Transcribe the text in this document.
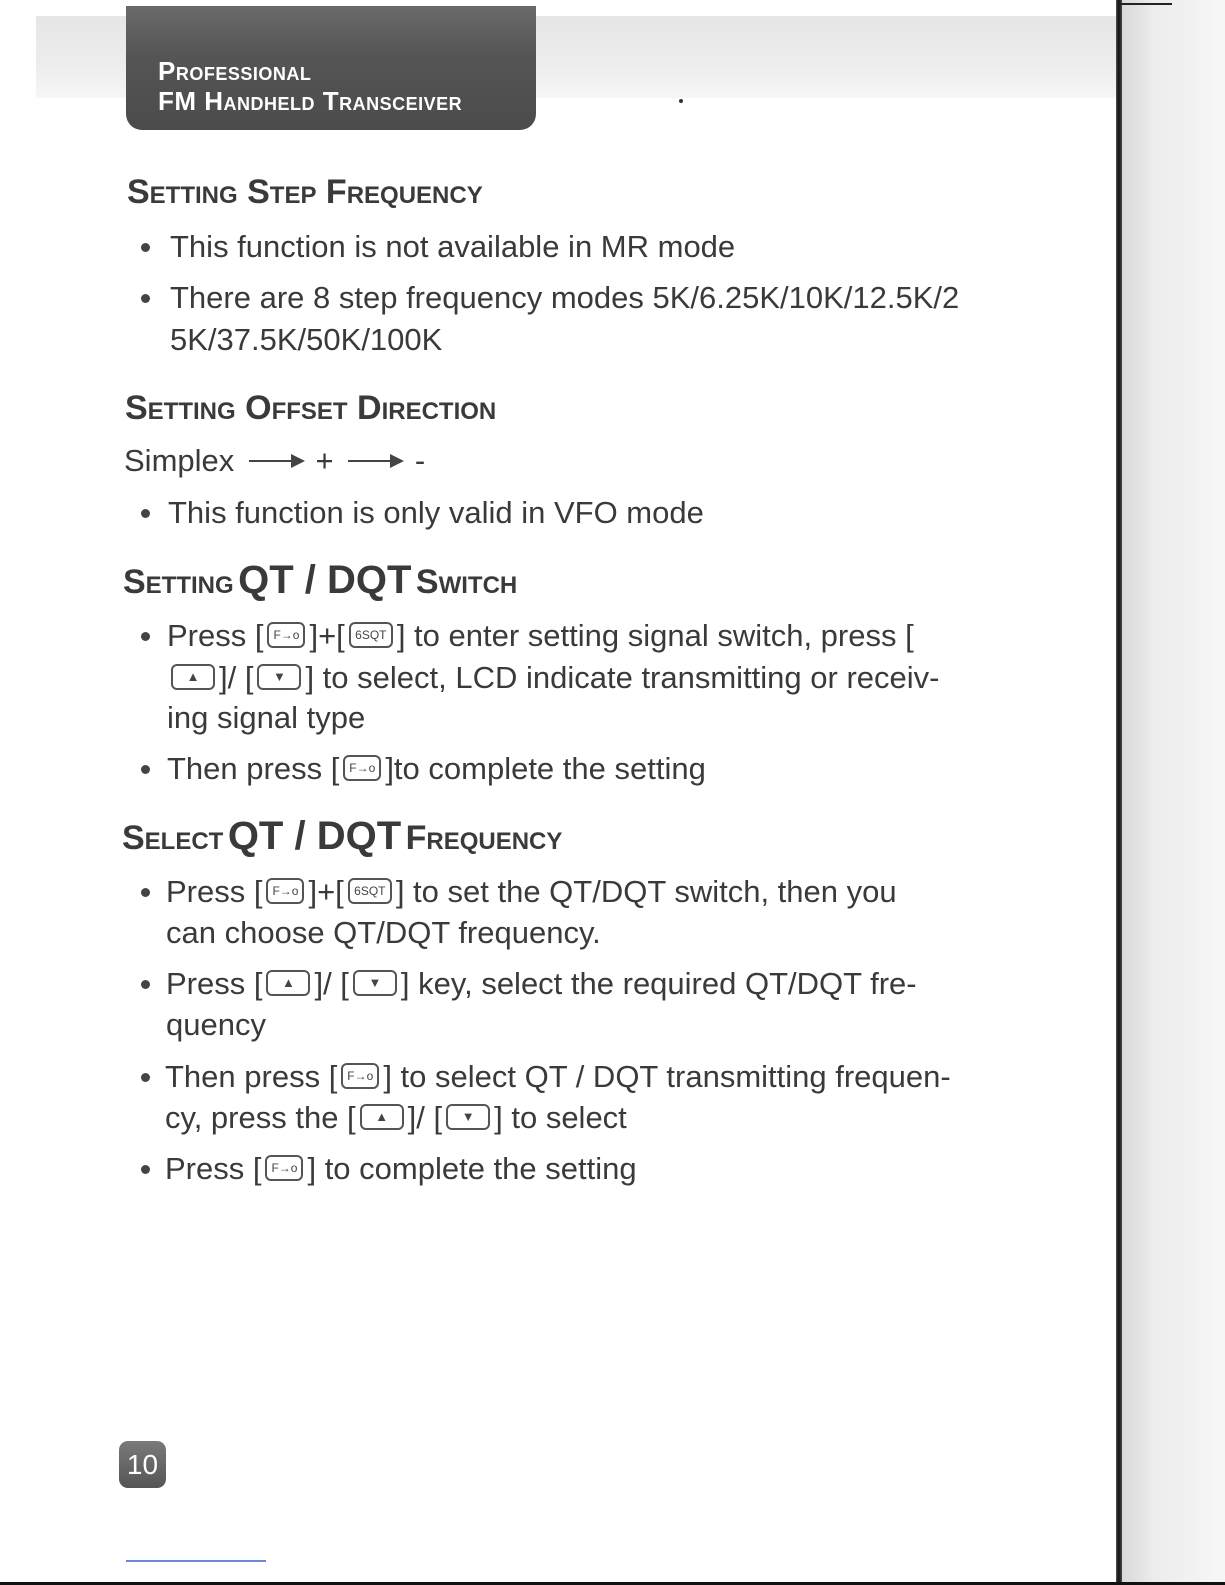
Professional
FM Handheld Transceiver
Setting Step Frequency
This function is not available in MR mode
There are 8 step frequency modes 5K/6.25K/10K/12.5K/2
5K/37.5K/50K/100K
Setting Offset Direction
Simplex	+	-
This function is only valid in VFO mode
Setting QT / DQT Switch
Press [ F→o ]+[ 6SQT ] to enter setting signal switch, press [
▲ ]/ [ ▼ ] to select, LCD indicate transmitting or receiv-
ing signal type
Then press [ F→o ]to complete the setting
Select QT / DQT Frequency
Press [ F→o ]+[ 6SQT ] to set the QT/DQT switch, then you
can choose QT/DQT frequency.
Press [ ▲ ]/ [ ▼ ] key, select the required QT/DQT fre-
quency
Then press [ F→o ] to select QT / DQT transmitting frequen-
cy, press the [ ▲ ]/ [ ▼ ] to select
Press [ F→o ] to complete the setting
10
